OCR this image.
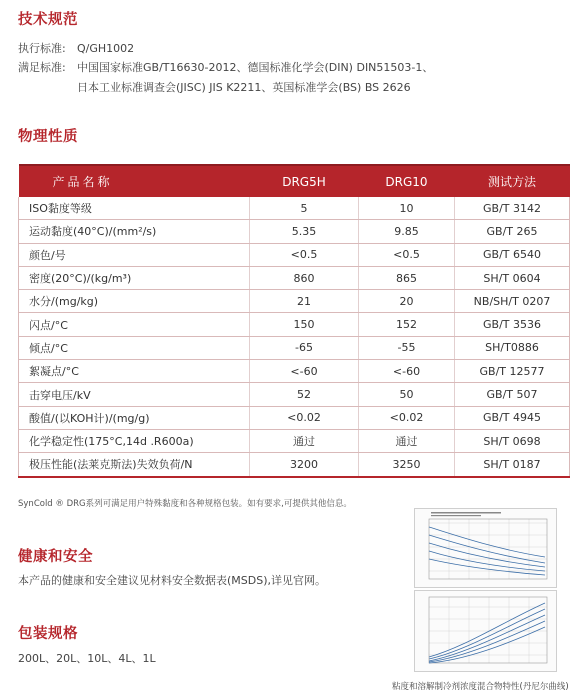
技术规范
执行标准: Q/GH1002
满足标准: 中国国家标准GB/T16630-2012、德国标准化学会(DIN) DIN51503-1、
日本工业标准调查会(JISC) JIS K2211、英国标准学会(BS) BS 2626
物理性质
产品名称	DRG5H	DRG10	测试方法
ISO黏度等级	5	10	GB/T 3142
运动黏度(40°C)/(mm²/s)	5.35	9.85	GB/T 265
颜色/号	<0.5	<0.5	GB/T 6540
密度(20°C)/(kg/m³)	860	865	SH/T 0604
水分/(mg/kg)	21	20	NB/SH/T 0207
闪点/°C	150	152	GB/T 3536
倾点/°C	-65	-55	SH/T0886
絮凝点/°C	<-60	<-60	GB/T 12577
击穿电压/kV	52	50	GB/T 507
酸值/(以KOH计)/(mg/g)	<0.02	<0.02	GB/T 4945
化学稳定性(175°C,14d .R600a)	通过	通过	SH/T 0698
极压性能(法莱克斯法)失效负荷/N	3200	3250	SH/T 0187
SynCold ® DRG系列可满足用户特殊黏度和各种规格包装。如有要求,可提供其他信息。
健康和安全
本产品的健康和安全建议见材料安全数据表(MSDS),详见官网。
包装规格
200L、20L、10L、4L、1L
粘度和溶解制冷剂浓度混合物特性(丹尼尔曲线)
